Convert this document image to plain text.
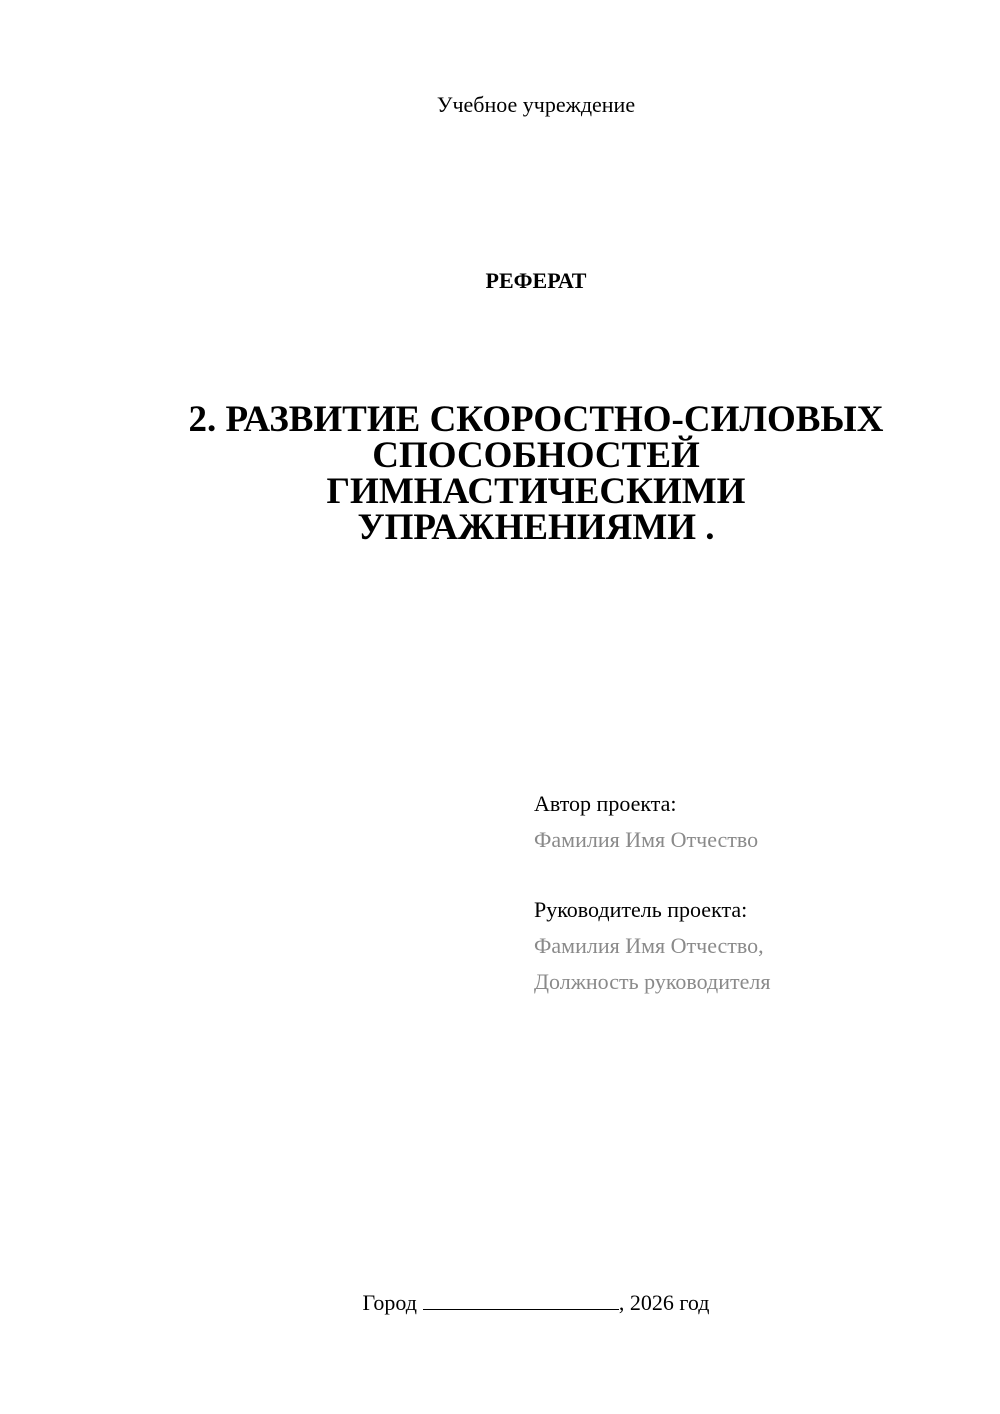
Учебное учреждение
РЕФЕРАТ
2. РАЗВИТИЕ СКОРОСТНО-СИЛОВЫХ
СПОСОБНОСТЕЙ
ГИМНАСТИЧЕСКИМИ
УПРАЖНЕНИЯМИ .
Автор проекта:
Фамилия Имя Отчество
Руководитель проекта:
Фамилия Имя Отчество,
Должность руководителя
Город	, 2026 год
